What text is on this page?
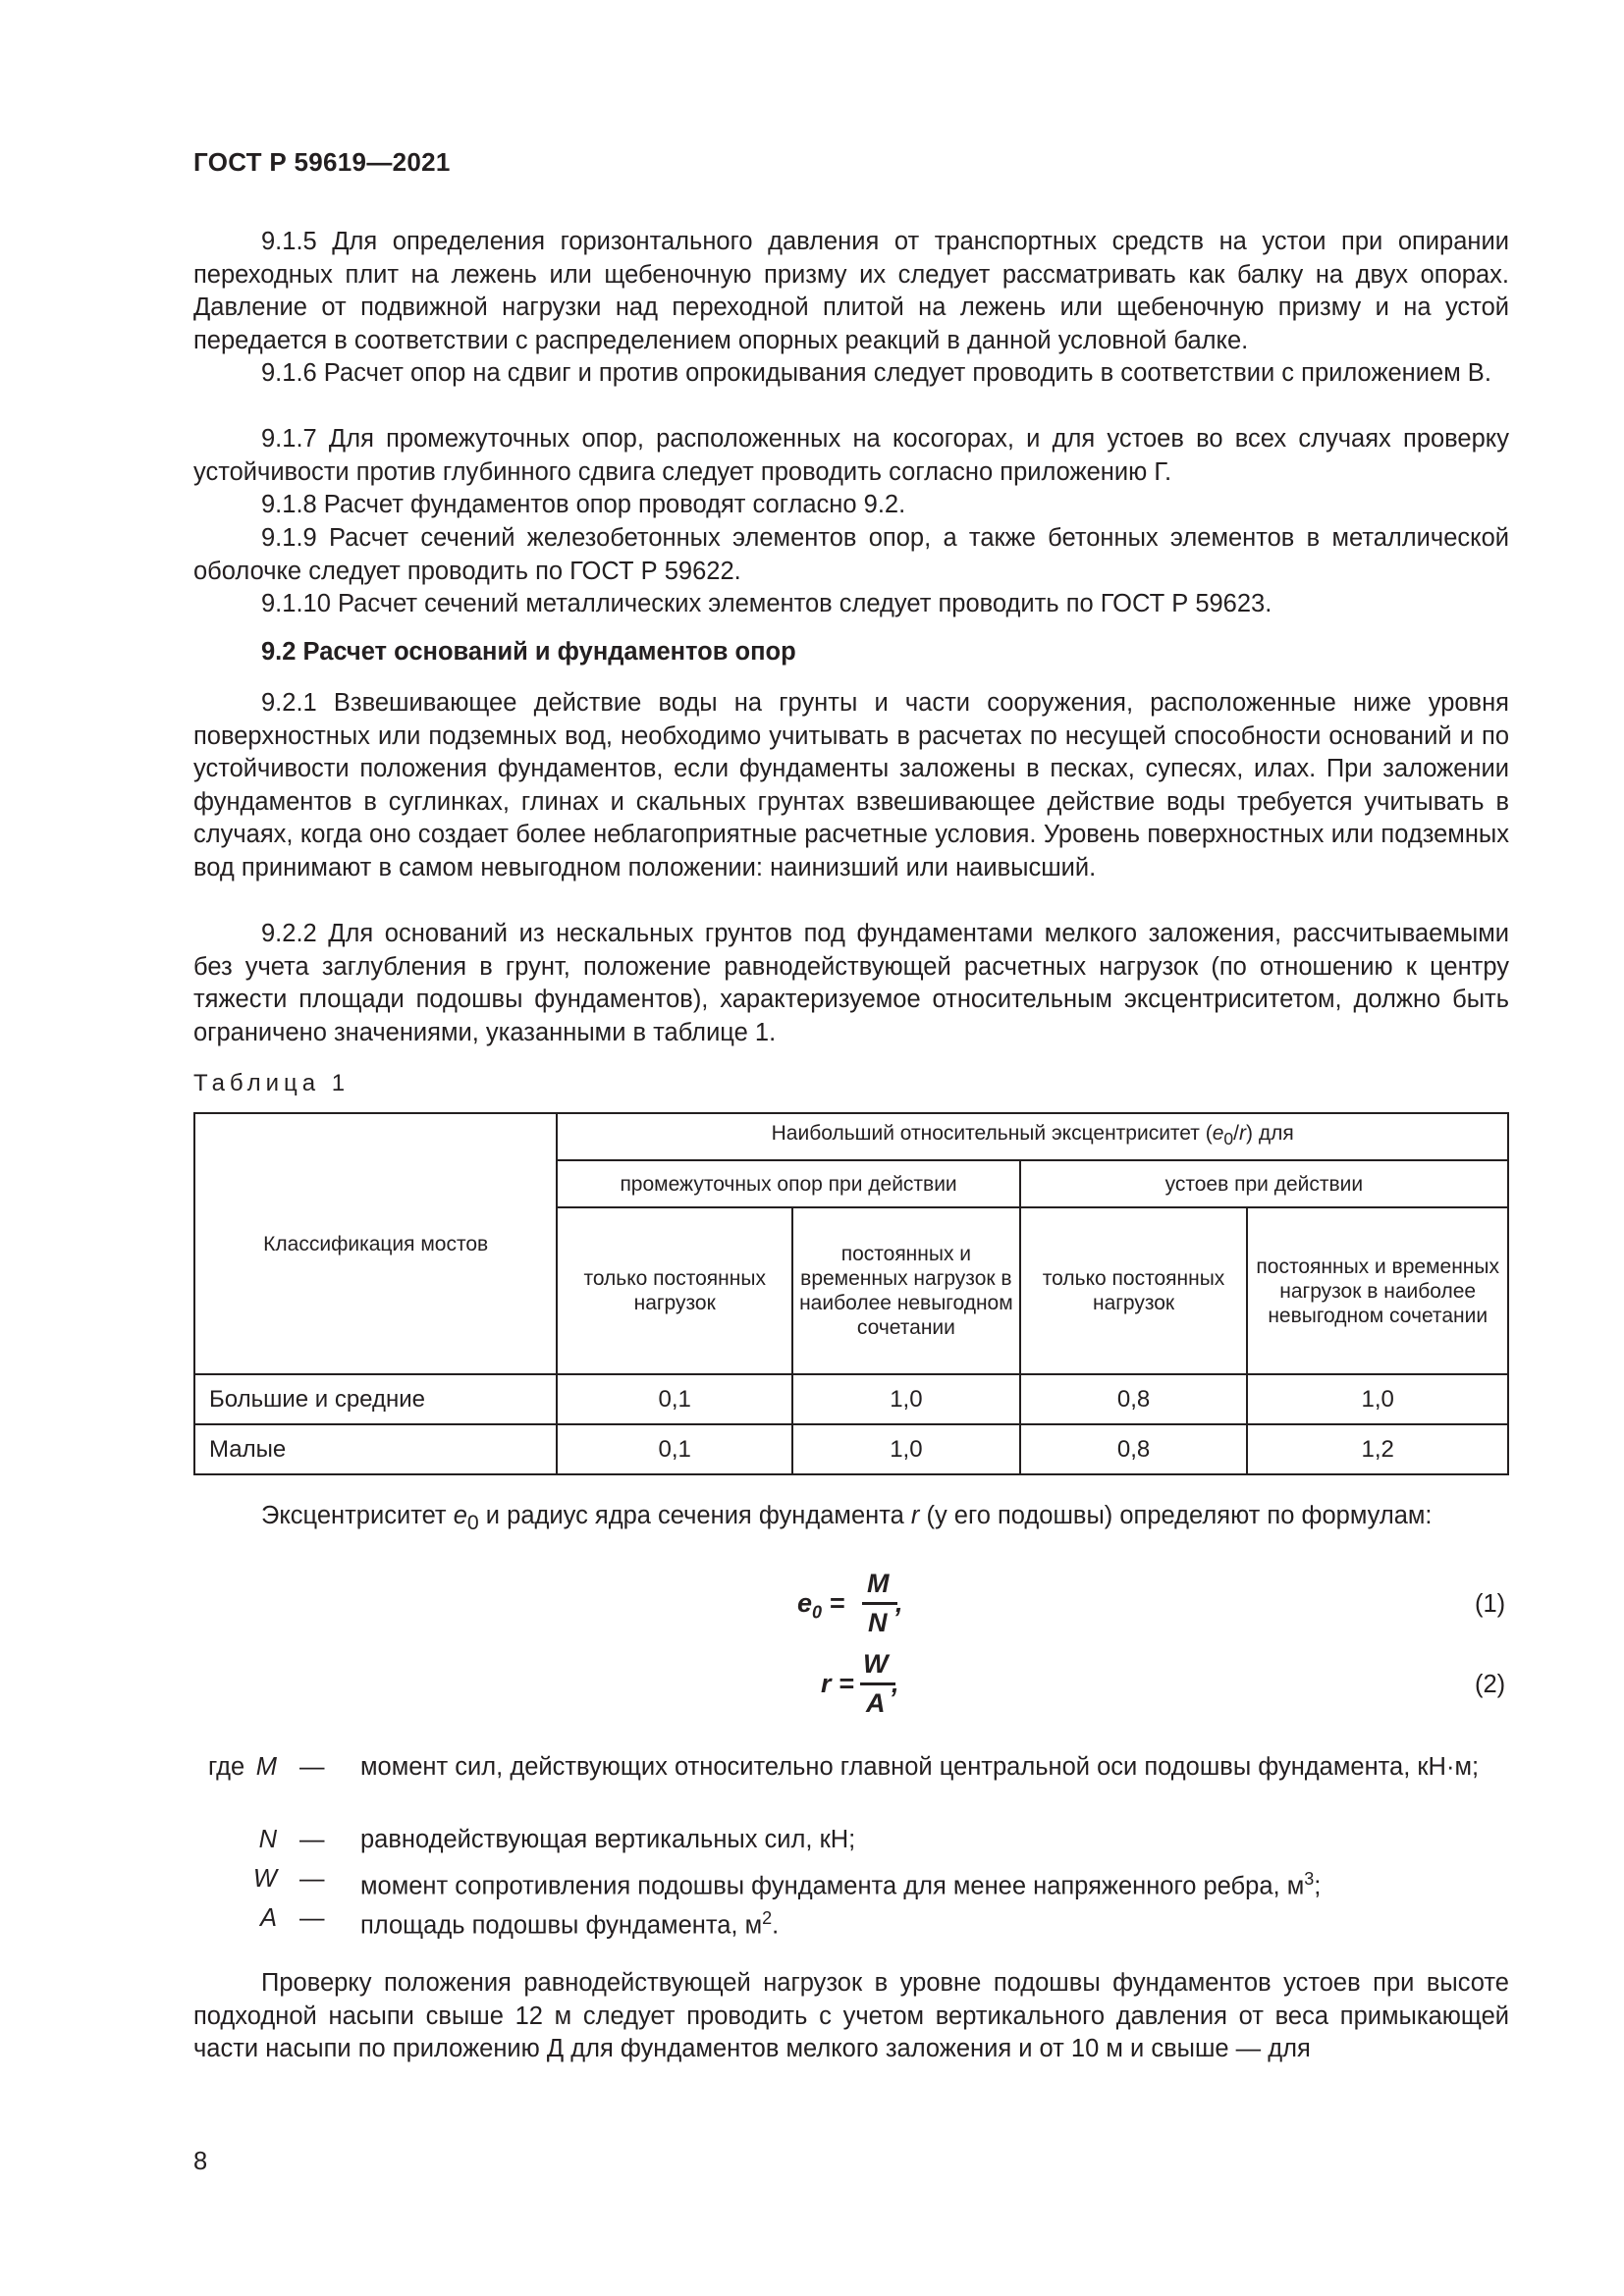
ГОСТ Р 59619—2021

9.1.5 Для определения горизонтального давления от транспортных средств на устои при опирании переходных плит на лежень или щебеночную призму их следует рассматривать как балку на двух опорах. Давление от подвижной нагрузки над переходной плитой на лежень или щебеночную призму и на устой передается в соответствии с распределением опорных реакций в данной условной балке.

9.1.6 Расчет опор на сдвиг и против опрокидывания следует проводить в соответствии с приложением В.

9.1.7 Для промежуточных опор, расположенных на косогорах, и для устоев во всех случаях проверку устойчивости против глубинного сдвига следует проводить согласно приложению Г.

9.1.8 Расчет фундаментов опор проводят согласно 9.2.

9.1.9 Расчет сечений железобетонных элементов опор, а также бетонных элементов в металлической оболочке следует проводить по ГОСТ Р 59622.

9.1.10 Расчет сечений металлических элементов следует проводить по ГОСТ Р 59623.

9.2 Расчет оснований и фундаментов опор

9.2.1 Взвешивающее действие воды на грунты и части сооружения, расположенные ниже уровня поверхностных или подземных вод, необходимо учитывать в расчетах по несущей способности оснований и по устойчивости положения фундаментов, если фундаменты заложены в песках, супесях, илах. При заложении фундаментов в суглинках, глинах и скальных грунтах взвешивающее действие воды требуется учитывать в случаях, когда оно создает более неблагоприятные расчетные условия. Уровень поверхностных или подземных вод принимают в самом невыгодном положении: наинизший или наивысший.

9.2.2 Для оснований из нескальных грунтов под фундаментами мелкого заложения, рассчитываемыми без учета заглубления в грунт, положение равнодействующей расчетных нагрузок (по отношению к центру тяжести площади подошвы фундаментов), характеризуемое относительным эксцентриситетом, должно быть ограничено значениями, указанными в таблице 1.

Таблица 1
Классификация мостов	Наибольший относительный эксцентриситет $(e_0/r)$ для			
	промежуточных опор при действии		устоев при действии	
	только постоянных нагрузок	постоянных и временных нагрузок в наиболее невыгодном сочетании	только постоянных нагрузок	постоянных и временных нагрузок в наиболее невыгодном сочетании
Большие и средние	0,1	1,0	0,8	1,0
Малые	0,1	1,0	0,8	1,2
Эксцентриситет $e_0$ и радиус ядра сечения фундамента r (у его подошвы) определяют по формулам:
$e_0$ =
M
N
,	(1)
r =
W
A
,	(2)
где M — момент сил, действующих относительно главной центральной оси подошвы фундамента, кН·м;
N — равнодействующая вертикальных сил, кН;
W — момент сопротивления подошвы фундамента для менее напряженного ребра, $м^3$;
A — площадь подошвы фундамента, $м^2$.

Проверку положения равнодействующей нагрузок в уровне подошвы фундаментов устоев при высоте подходной насыпи свыше 12 м следует проводить с учетом вертикального давления от веса примыкающей части насыпи по приложению Д для фундаментов мелкого заложения и от 10 м и свыше — для

8
